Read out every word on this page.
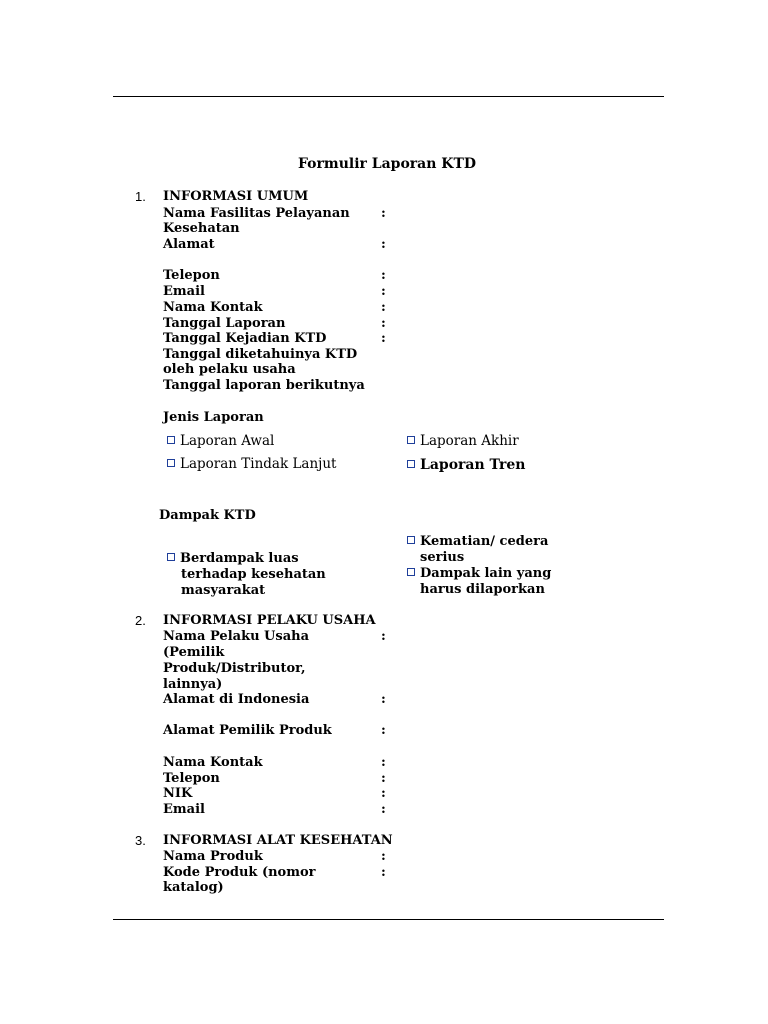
Formulir Laporan KTD
1. INFORMASI UMUM
Nama Fasilitas Pelayanan :
Kesehatan
Alamat	:
Telepon	:
Email	:
Nama Kontak	:
Tanggal Laporan	:
Tanggal Kejadian KTD	:
Tanggal diketahuinya KTD
oleh pelaku usaha
Tanggal laporan berikutnya
Jenis Laporan
Laporan Awal	Laporan Akhir
Laporan Tindak Lanjut	Laporan Tren
Dampak KTD
Kematian/ cedera
serius
Berdampak luas
terhadap kesehatan
masyarakat
Dampak lain yang
harus dilaporkan
2. INFORMASI PELAKU USAHA
Nama Pelaku Usaha	:
(Pemilik
Produk/Distributor,
lainnya)
Alamat di Indonesia	:
Alamat Pemilik Produk	:
Nama Kontak	:
Telepon	:
NIK	:
Email	:
3. INFORMASI ALAT KESEHATAN
Nama Produk	:
Kode Produk (nomor	:
katalog)
